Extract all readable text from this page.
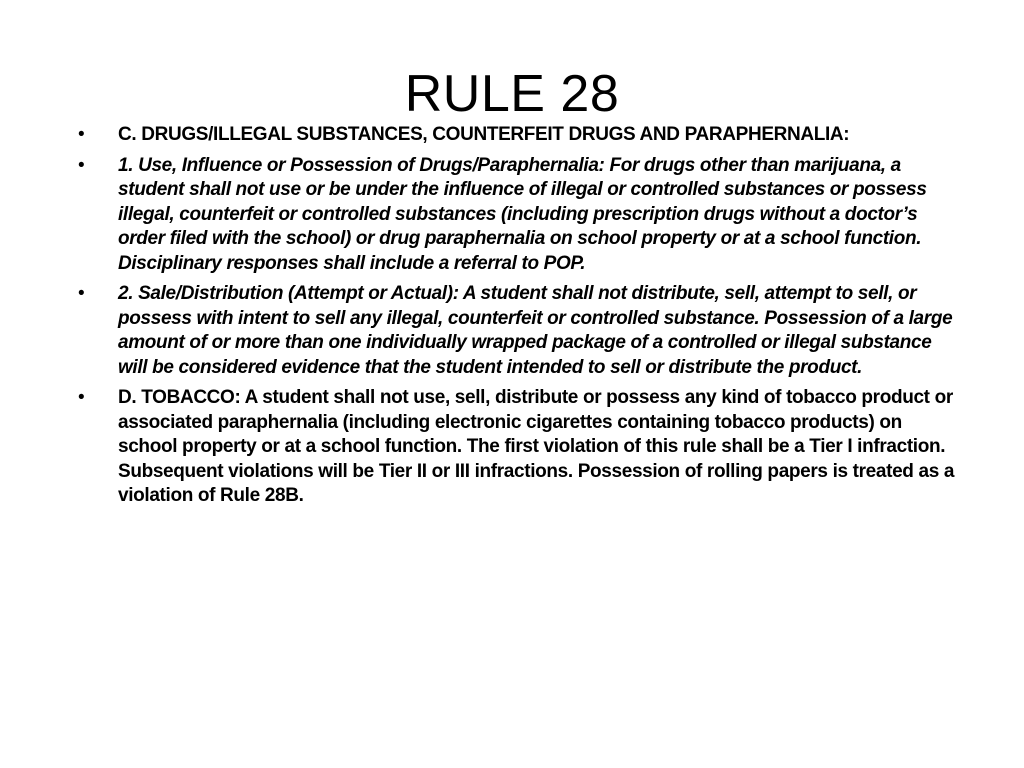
RULE 28
•	C. DRUGS/ILLEGAL SUBSTANCES, COUNTERFEIT DRUGS AND PARAPHERNALIA:
•	1. Use, Influence or Possession of Drugs/Paraphernalia: For drugs other than marijuana, a student shall not use or be under the influence of illegal or controlled substances or possess illegal, counterfeit or controlled substances (including prescription drugs without a doctor’s order filed with the school) or drug paraphernalia on school property or at a school function. Disciplinary responses shall include a referral to POP.
•	2. Sale/Distribution (Attempt or Actual): A student shall not distribute, sell, attempt to sell, or possess with intent to sell any illegal, counterfeit or controlled substance. Possession of a large amount of or more than one individually wrapped package of a controlled or illegal substance will be considered evidence that the student intended to sell or distribute the product.
•	D. TOBACCO: A student shall not use, sell, distribute or possess any kind of tobacco product or associated paraphernalia (including electronic cigarettes containing tobacco products) on school property or at a school function. The first violation of this rule shall be a Tier I infraction. Subsequent violations will be Tier II or III infractions. Possession of rolling papers is treated as a violation of Rule 28B.
